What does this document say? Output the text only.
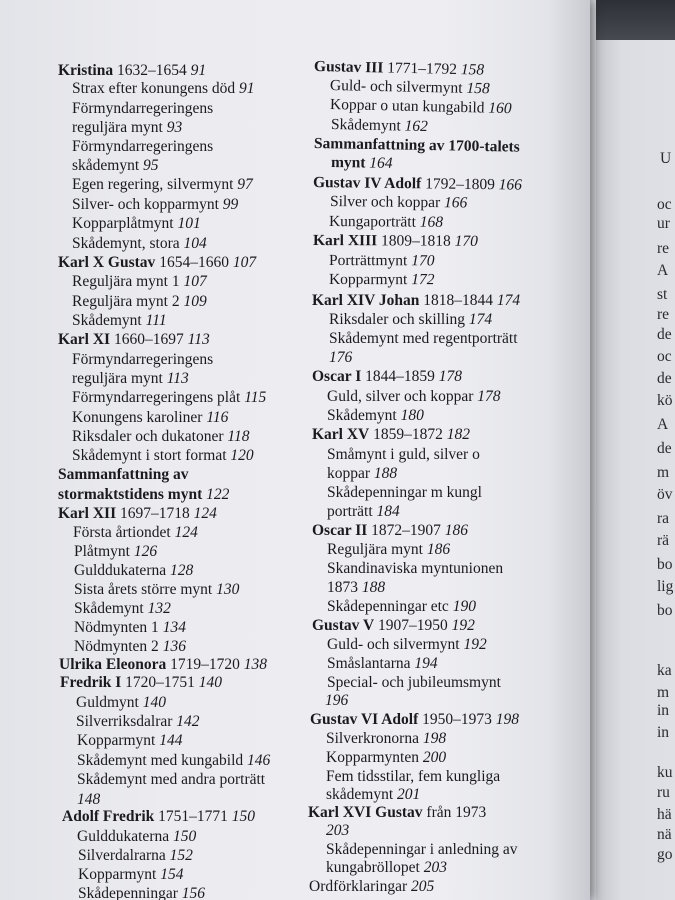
Kristina 1632–1654 91
Strax efter konungens död 91
Förmyndarregeringens
reguljära mynt 93
Förmyndarregeringens
skådemynt 95
Egen regering, silvermynt 97
Silver- och kopparmynt 99
Kopparplåtmynt 101
Skådemynt, stora 104
Karl X Gustav 1654–1660 107
Reguljära mynt 1 107
Reguljära mynt 2 109
Skådemynt 111
Karl XI 1660–1697 113
Förmyndarregeringens
reguljära mynt 113
Förmyndarregeringens plåt 115
Konungens karoliner 116
Riksdaler och dukatoner 118
Skådemynt i stort format 120
Sammanfattning av
stormaktstidens mynt 122
Karl XII 1697–1718 124
Första årtiondet 124
Plåtmynt 126
Gulddukaterna 128
Sista årets större mynt 130
Skådemynt 132
Nödmynten 1 134
Nödmynten 2 136
Ulrika Eleonora 1719–1720 138
Fredrik I 1720–1751 140
Guldmynt 140
Silverriksdalrar 142
Kopparmynt 144
Skådemynt med kungabild 146
Skådemynt med andra porträtt
148
Adolf Fredrik 1751–1771 150
Gulddukaterna 150
Silverdalrarna 152
Kopparmynt 154
Skådepenningar 156
Gustav III 1771–1792 158
Guld- och silvermynt 158
Koppar o utan kungabild 160
Skådemynt 162
Sammanfattning av 1700-talets
mynt 164
Gustav IV Adolf 1792–1809 166
Silver och koppar 166
Kungaporträtt 168
Karl XIII 1809–1818 170
Porträttmynt 170
Kopparmynt 172
Karl XIV Johan 1818–1844 174
Riksdaler och skilling 174
Skådemynt med regentporträtt
176
Oscar I 1844–1859 178
Guld, silver och koppar 178
Skådemynt 180
Karl XV 1859–1872 182
Småmynt i guld, silver o
koppar 188
Skådepenningar m kungl
porträtt 184
Oscar II 1872–1907 186
Reguljära mynt 186
Skandinaviska myntunionen
1873 188
Skådepenningar etc 190
Gustav V 1907–1950 192
Guld- och silvermynt 192
Småslantarna 194
Special- och jubileumsmynt
196
Gustav VI Adolf 1950–1973 198
Silverkronorna 198
Kopparmynten 200
Fem tidsstilar, fem kungliga
skådemynt 201
Karl XVI Gustav från 1973
203
Skådepenningar i anledning av
kungabröllopet 203
Ordförklaringar 205
U
oc
ur
re
A
st
re
de
oc
de
kö
A
de
m
öv
ra
rä
bo
lig
bo
ka
m
in
in
ku
ru
hä
nä
go
